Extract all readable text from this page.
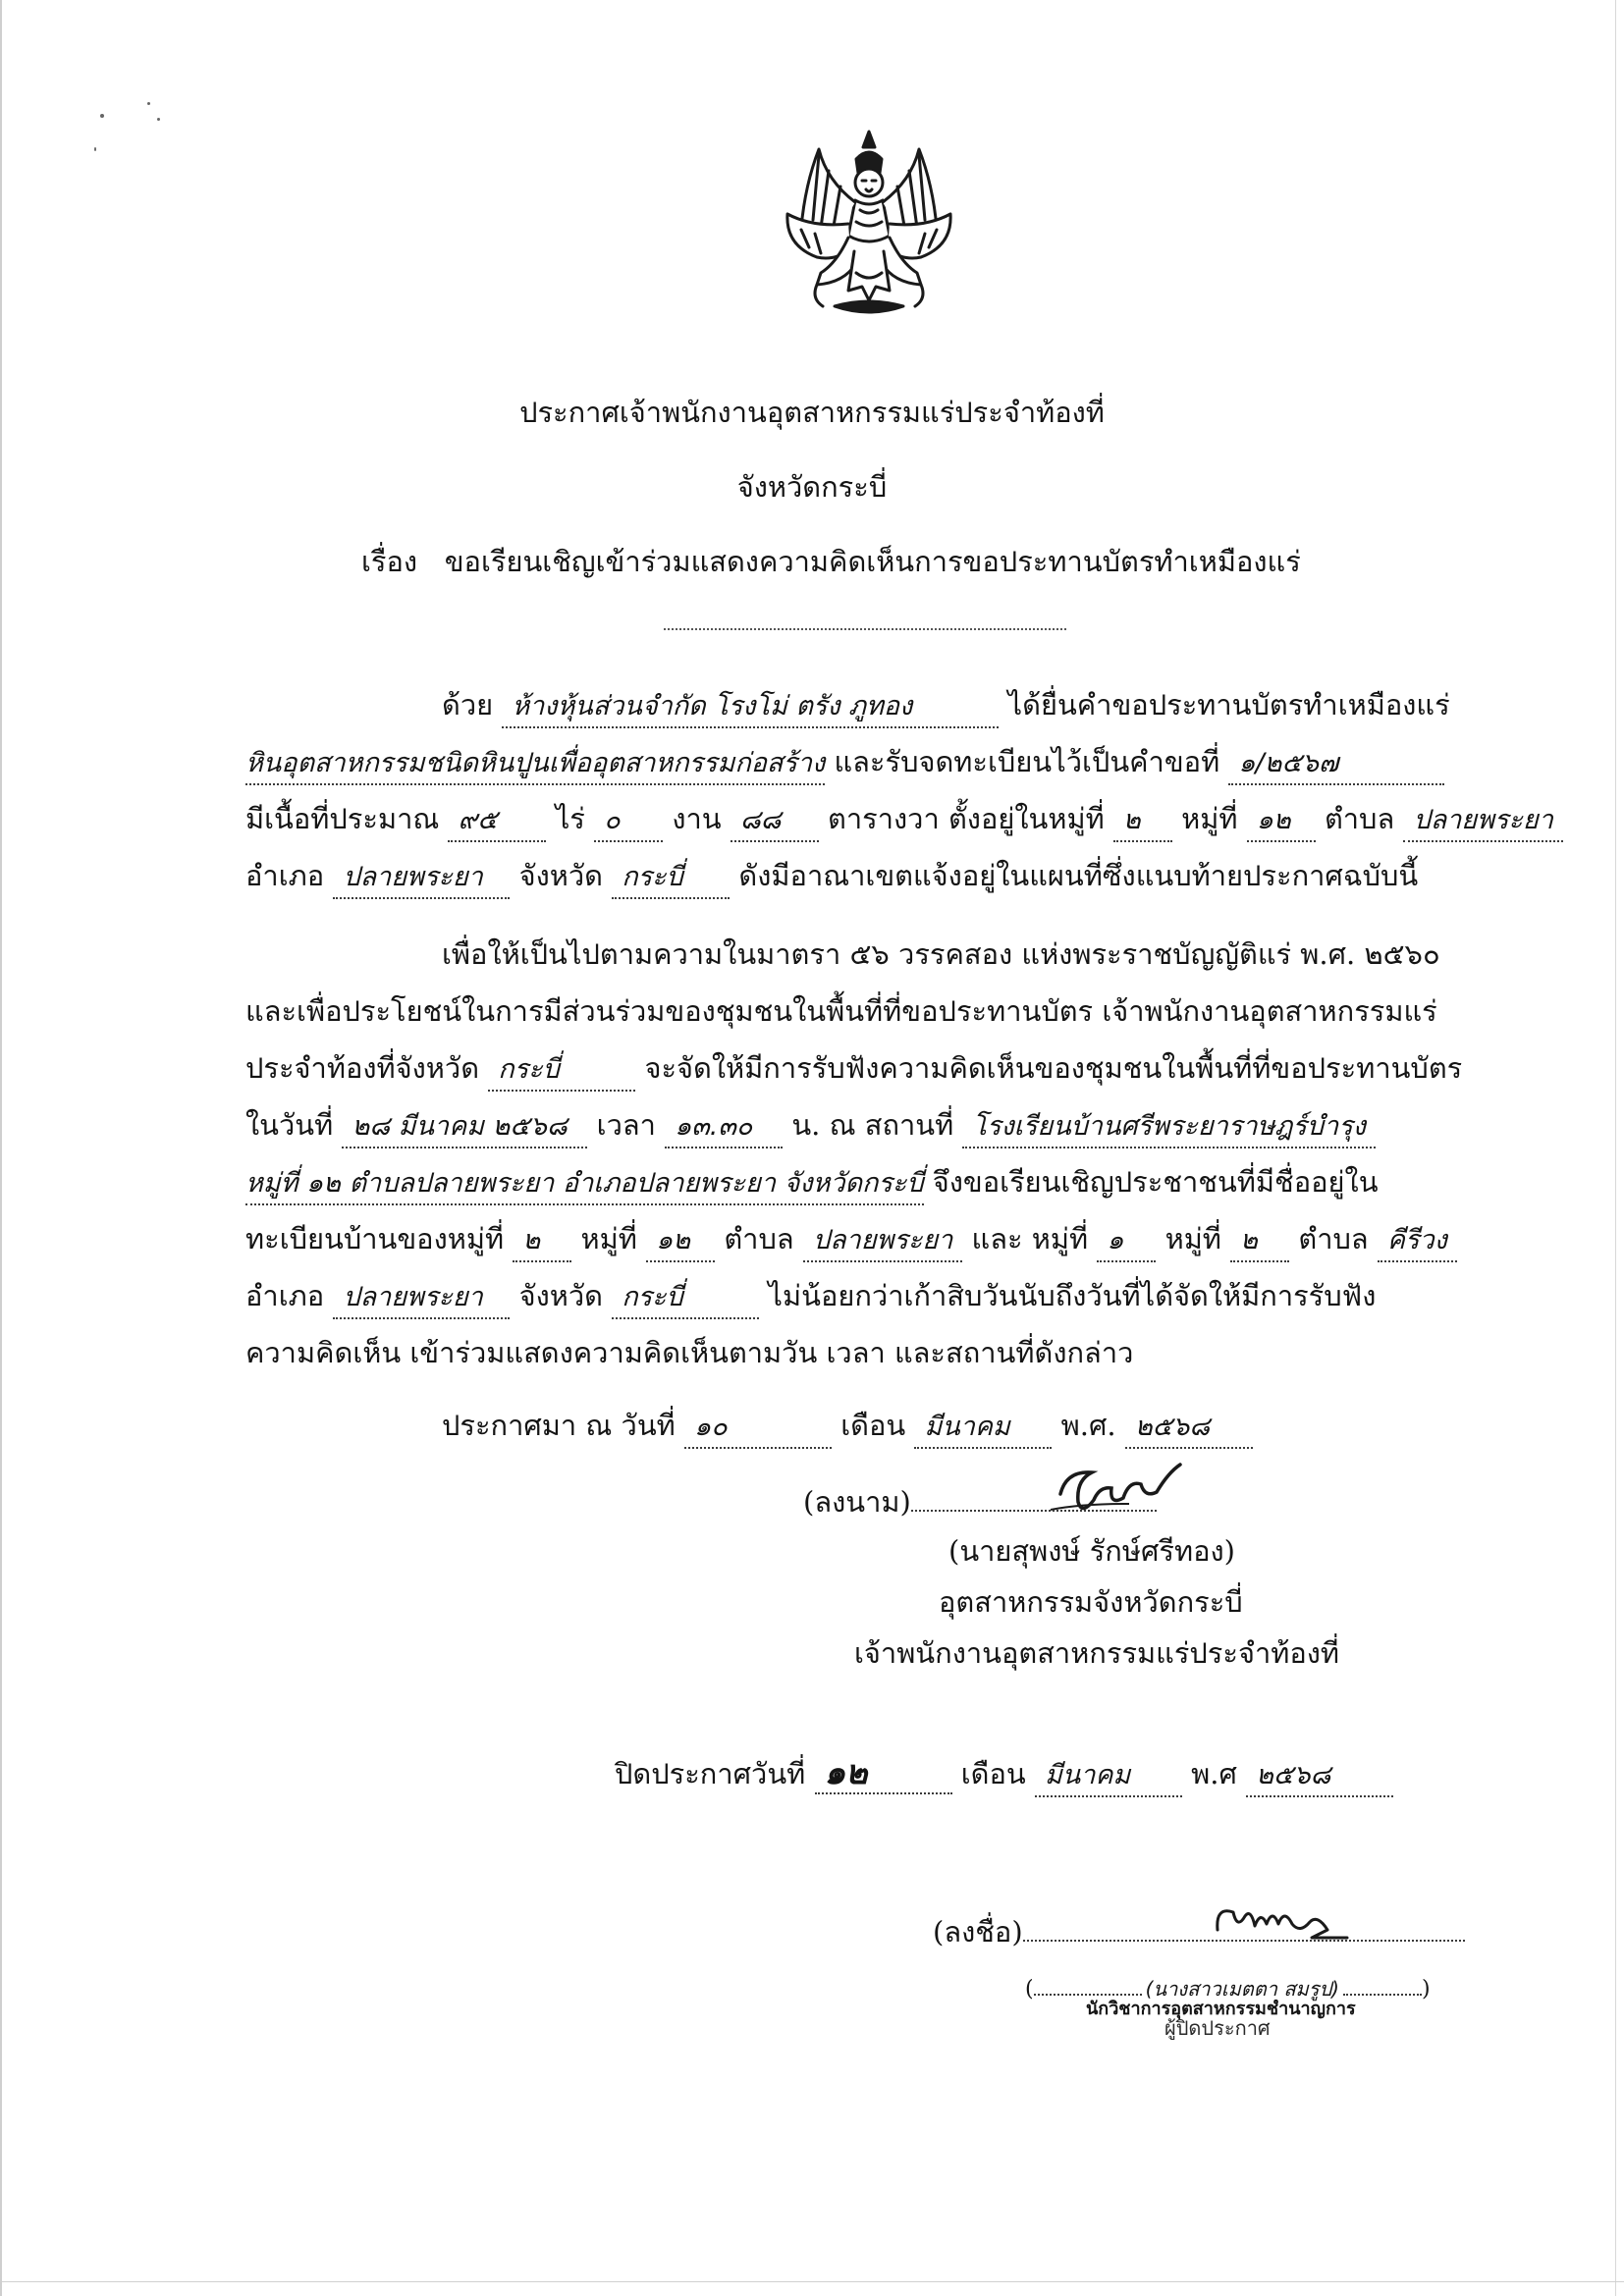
ประกาศเจ้าพนักงานอุตสาหกรรมแร่ประจำท้องที่
จังหวัดกระบี่
เรื่อง ขอเรียนเชิญเข้าร่วมแสดงความคิดเห็นการขอประทานบัตรทำเหมืองแร่
ด้วย ห้างหุ้นส่วนจำกัด โรงโม่ ตรัง ภูทอง	ได้ยื่นคำขอประทานบัตรทำเหมืองแร่
หินอุตสาหกรรมชนิดหินปูนเพื่ออุตสาหกรรมก่อสร้าง และรับจดทะเบียนไว้เป็นคำขอที่ ๑/๒๕๖๗
มีเนื้อที่ประมาณ ๙๕ ไร่ ๐ งาน ๘๘ ตารางวา ตั้งอยู่ในหมู่ที่ ๒ หมู่ที่ ๑๒ ตำบล ปลายพระยา
อำเภอ ปลายพระยา จังหวัด กระบี่ ดังมีอาณาเขตแจ้งอยู่ในแผนที่ซึ่งแนบท้ายประกาศฉบับนี้
เพื่อให้เป็นไปตามความในมาตรา ๕๖ วรรคสอง แห่งพระราชบัญญัติแร่ พ.ศ. ๒๕๖๐
และเพื่อประโยชน์ในการมีส่วนร่วมของชุมชนในพื้นที่ที่ขอประทานบัตร เจ้าพนักงานอุตสาหกรรมแร่
ประจำท้องที่จังหวัด กระบี่	จะจัดให้มีการรับฟังความคิดเห็นของชุมชนในพื้นที่ที่ขอประทานบัตร
ในวันที่ ๒๘ มีนาคม ๒๕๖๘ เวลา ๑๓.๓๐ น. ณ สถานที่ โรงเรียนบ้านศรีพระยาราษฎร์บำรุง
หมู่ที่ ๑๒ ตำบลปลายพระยา อำเภอปลายพระยา จังหวัดกระบี่ จึงขอเรียนเชิญประชาชนที่มีชื่ออยู่ใน
ทะเบียนบ้านของหมู่ที่ ๒ หมู่ที่ ๑๒ ตำบล ปลายพระยา และ หมู่ที่ ๑ หมู่ที่ ๒ ตำบล คีรีวง
อำเภอ ปลายพระยา จังหวัด กระบี่	ไม่น้อยกว่าเก้าสิบวันนับถึงวันที่ได้จัดให้มีการรับฟัง
ความคิดเห็น เข้าร่วมแสดงความคิดเห็นตามวัน เวลา และสถานที่ดังกล่าว
ประกาศมา ณ วันที่ ๑๐	เดือน มีนาคม พ.ศ. ๒๕๖๘
(ลงนาม)
(นายสุพงษ์ รักษ์ศรีทอง)
อุตสาหกรรมจังหวัดกระบี่
เจ้าพนักงานอุตสาหกรรมแร่ประจำท้องที่
ปิดประกาศวันที่ ๑๒	เดือน มีนาคม พ.ศ ๒๕๖๘
(ลงชื่อ)
(	(นางสาวเมตตา สมรูป)	)
นักวิชาการอุตสาหกรรมชำนาญการ
ผู้ปิดประกาศ
